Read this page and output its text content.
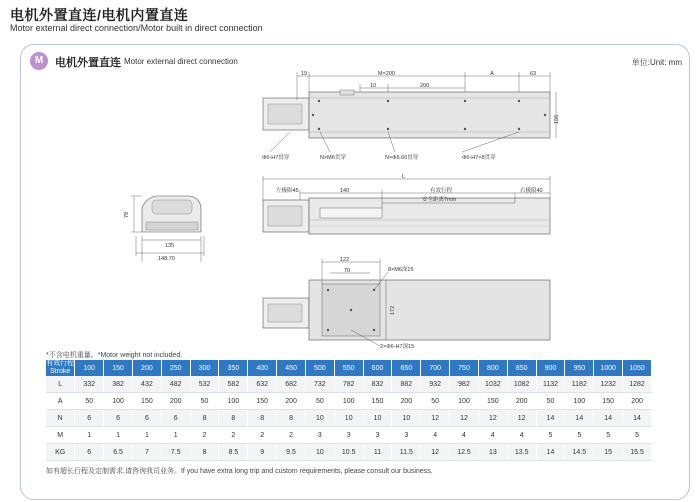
电机外置直连/电机内置直连
Motor external direct connection/Motor built in direct connection
M	电机外置直连 Motor external direct connection	单位:Unit: mm
19	M×200	A	63
10	200
156
Φ6-H7贯穿	N×M6贯穿	N×Φ6.60贯穿	Φ6-H7×8贯穿
L
左极限45	140	右极限40
有效行程
安全距离7mm
78
135
148.70	122
70	8×M6深15
172
2×Φ6-H7深15
*不含电机重量。*Motor weight not included.
有效行程
Stroke	100	150	200	250	300	350	400	450	500	550	600	650	700	750	800	850	900	950	1000	1050
L	332	382	432	482	532	582	632	682	732	782	832	882	932	982	1032	1082	1132	1182	1232	1282
A	50	100	150	200	50	100	150	200	50	100	150	200	50	100	150	200	50	100	150	200
N	6	6	6	6	8	8	8	8	10	10	10	10	12	12	12	12	14	14	14	14
M	1	1	1	1	2	2	2	2	3	3	3	3	4	4	4	4	5	5	5	5
KG	6	6.5	7	7.5	8	8.5	9	9.5	10	10.5	11	11.5	12	12.5	13	13.5	14	14.5	15	15.5
如有超长行程及定制需求,请咨询我司业务。If you have extra long trip and custom requirements, please consult our business.
